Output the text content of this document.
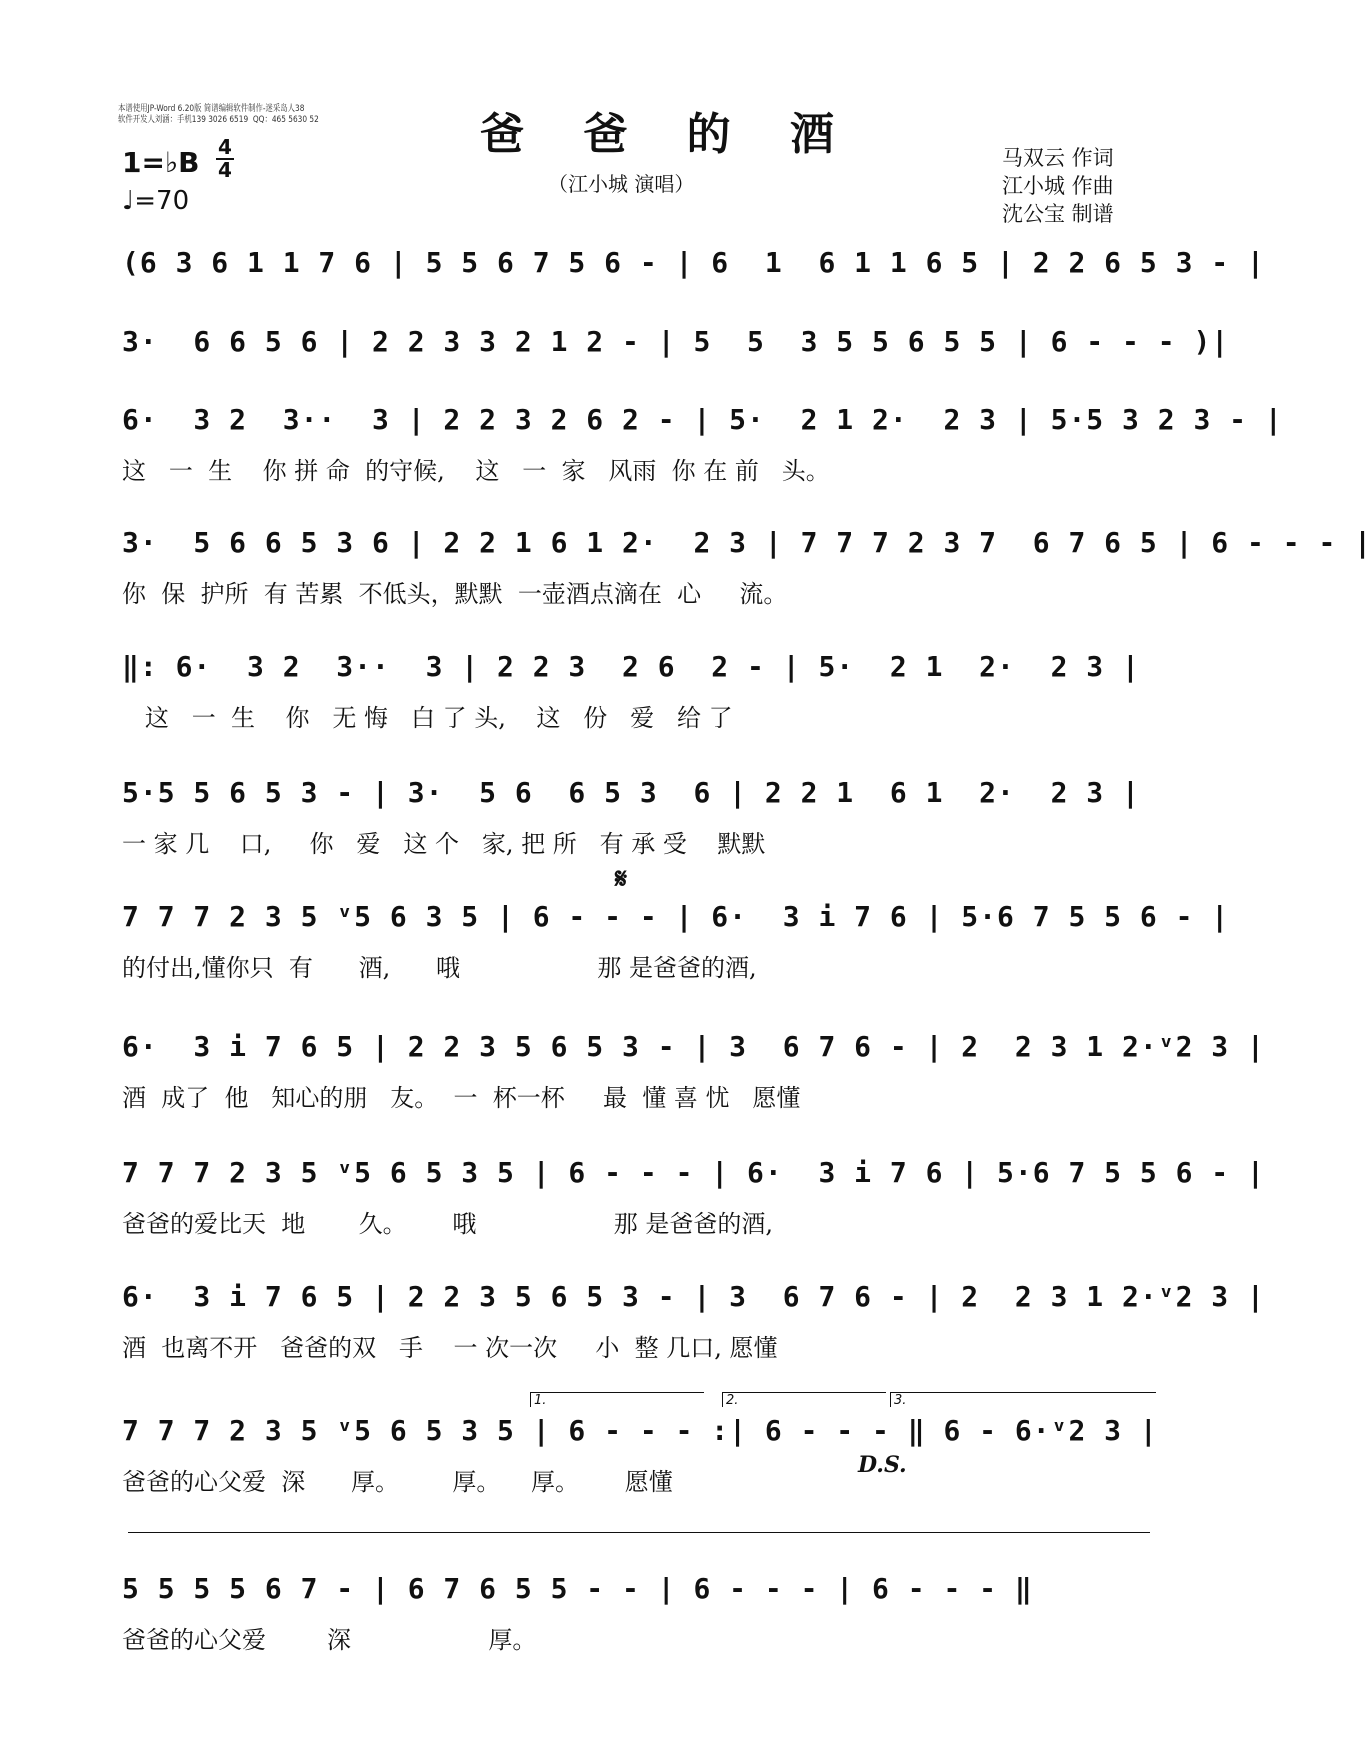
本谱使用JP-Word 6.20版 简谱编辑软件制作-迷采岛人38
软件开发人刘涵：手机139 3026 6519  QQ：465 5630 52	爸 爸 的 酒
（江小城 演唱）
马双云 作词
江小城 作曲
沈公宝 制谱
1=♭B 4
4
♩=70
(6 3 6 1 1 7 6 | 5 5 6 7 5 6 - | 6  1  6 1 1 6 5 | 2 2 6 5 3 - |
3·  6 6 5 6 | 2 2 3 3 2 1 2 - | 5  5  3 5 5 6 5 5 | 6 - - - )|
6·  3 2  3··  3 | 2 2 3 2 6 2 - | 5·  2 1 2·  2 3 | 5·5 3 2 3 - |
这   一  生    你 拼 命  的守候,    这   一  家   风雨  你 在 前   头。
3·  5 6 6 5 3 6 | 2 2 1 6 1 2·  2 3 | 7 7 7 2 3 7  6 7 6 5 | 6 - - - |
你  保  护所  有 苦累  不低头，默默  一壶酒点滴在  心     流。
‖: 6·  3 2  3··  3 | 2 2 3  2 6  2 - | 5·  2 1  2·  2 3 |
这   一  生    你   无 悔   白 了 头,    这   份   爱   给 了
5·5 5 6 5 3 - | 3·  5 6  6 5 3  6 | 2 2 1  6 1  2·  2 3 |
一 家 几    口,     你   爱   这 个   家, 把 所   有 承 受    默默
𝄋
7 7 7 2 3 5 ᵛ5 6 3 5 | 6 - - - | 6·  3 i 7 6 | 5·6 7 5 5 6 - |
的付出,懂你只  有      酒,      哦                  那 是爸爸的酒,
6·  3 i 7 6 5 | 2 2 3 5 6 5 3 - | 3  6 7 6 - | 2  2 3 1 2·ᵛ2 3 |
酒  成了  他   知心的朋   友。  一  杯一杯     最  懂 喜 忧   愿懂
7 7 7 2 3 5 ᵛ5 6 5 3 5 | 6 - - - | 6·  3 i 7 6 | 5·6 7 5 5 6 - |
爸爸的爱比天  地       久。      哦                  那 是爸爸的酒,
6·  3 i 7 6 5 | 2 2 3 5 6 5 3 - | 3  6 7 6 - | 2  2 3 1 2·ᵛ2 3 |
酒  也离不开   爸爸的双   手    一 次一次     小  整 几口, 愿懂
1.	2.	3.
7 7 7 2 3 5 ᵛ5 6 5 3 5 | 6 - - - :| 6 - - - ‖ 6 - 6·ᵛ2 3 |
爸爸的心父爱  深      厚。       厚。    厚。      愿懂
D.S.
5 5 5 5 6 7 - | 6 7 6 5 5 - - | 6 - - - | 6 - - - ‖
爸爸的心父爱        深                  厚。
